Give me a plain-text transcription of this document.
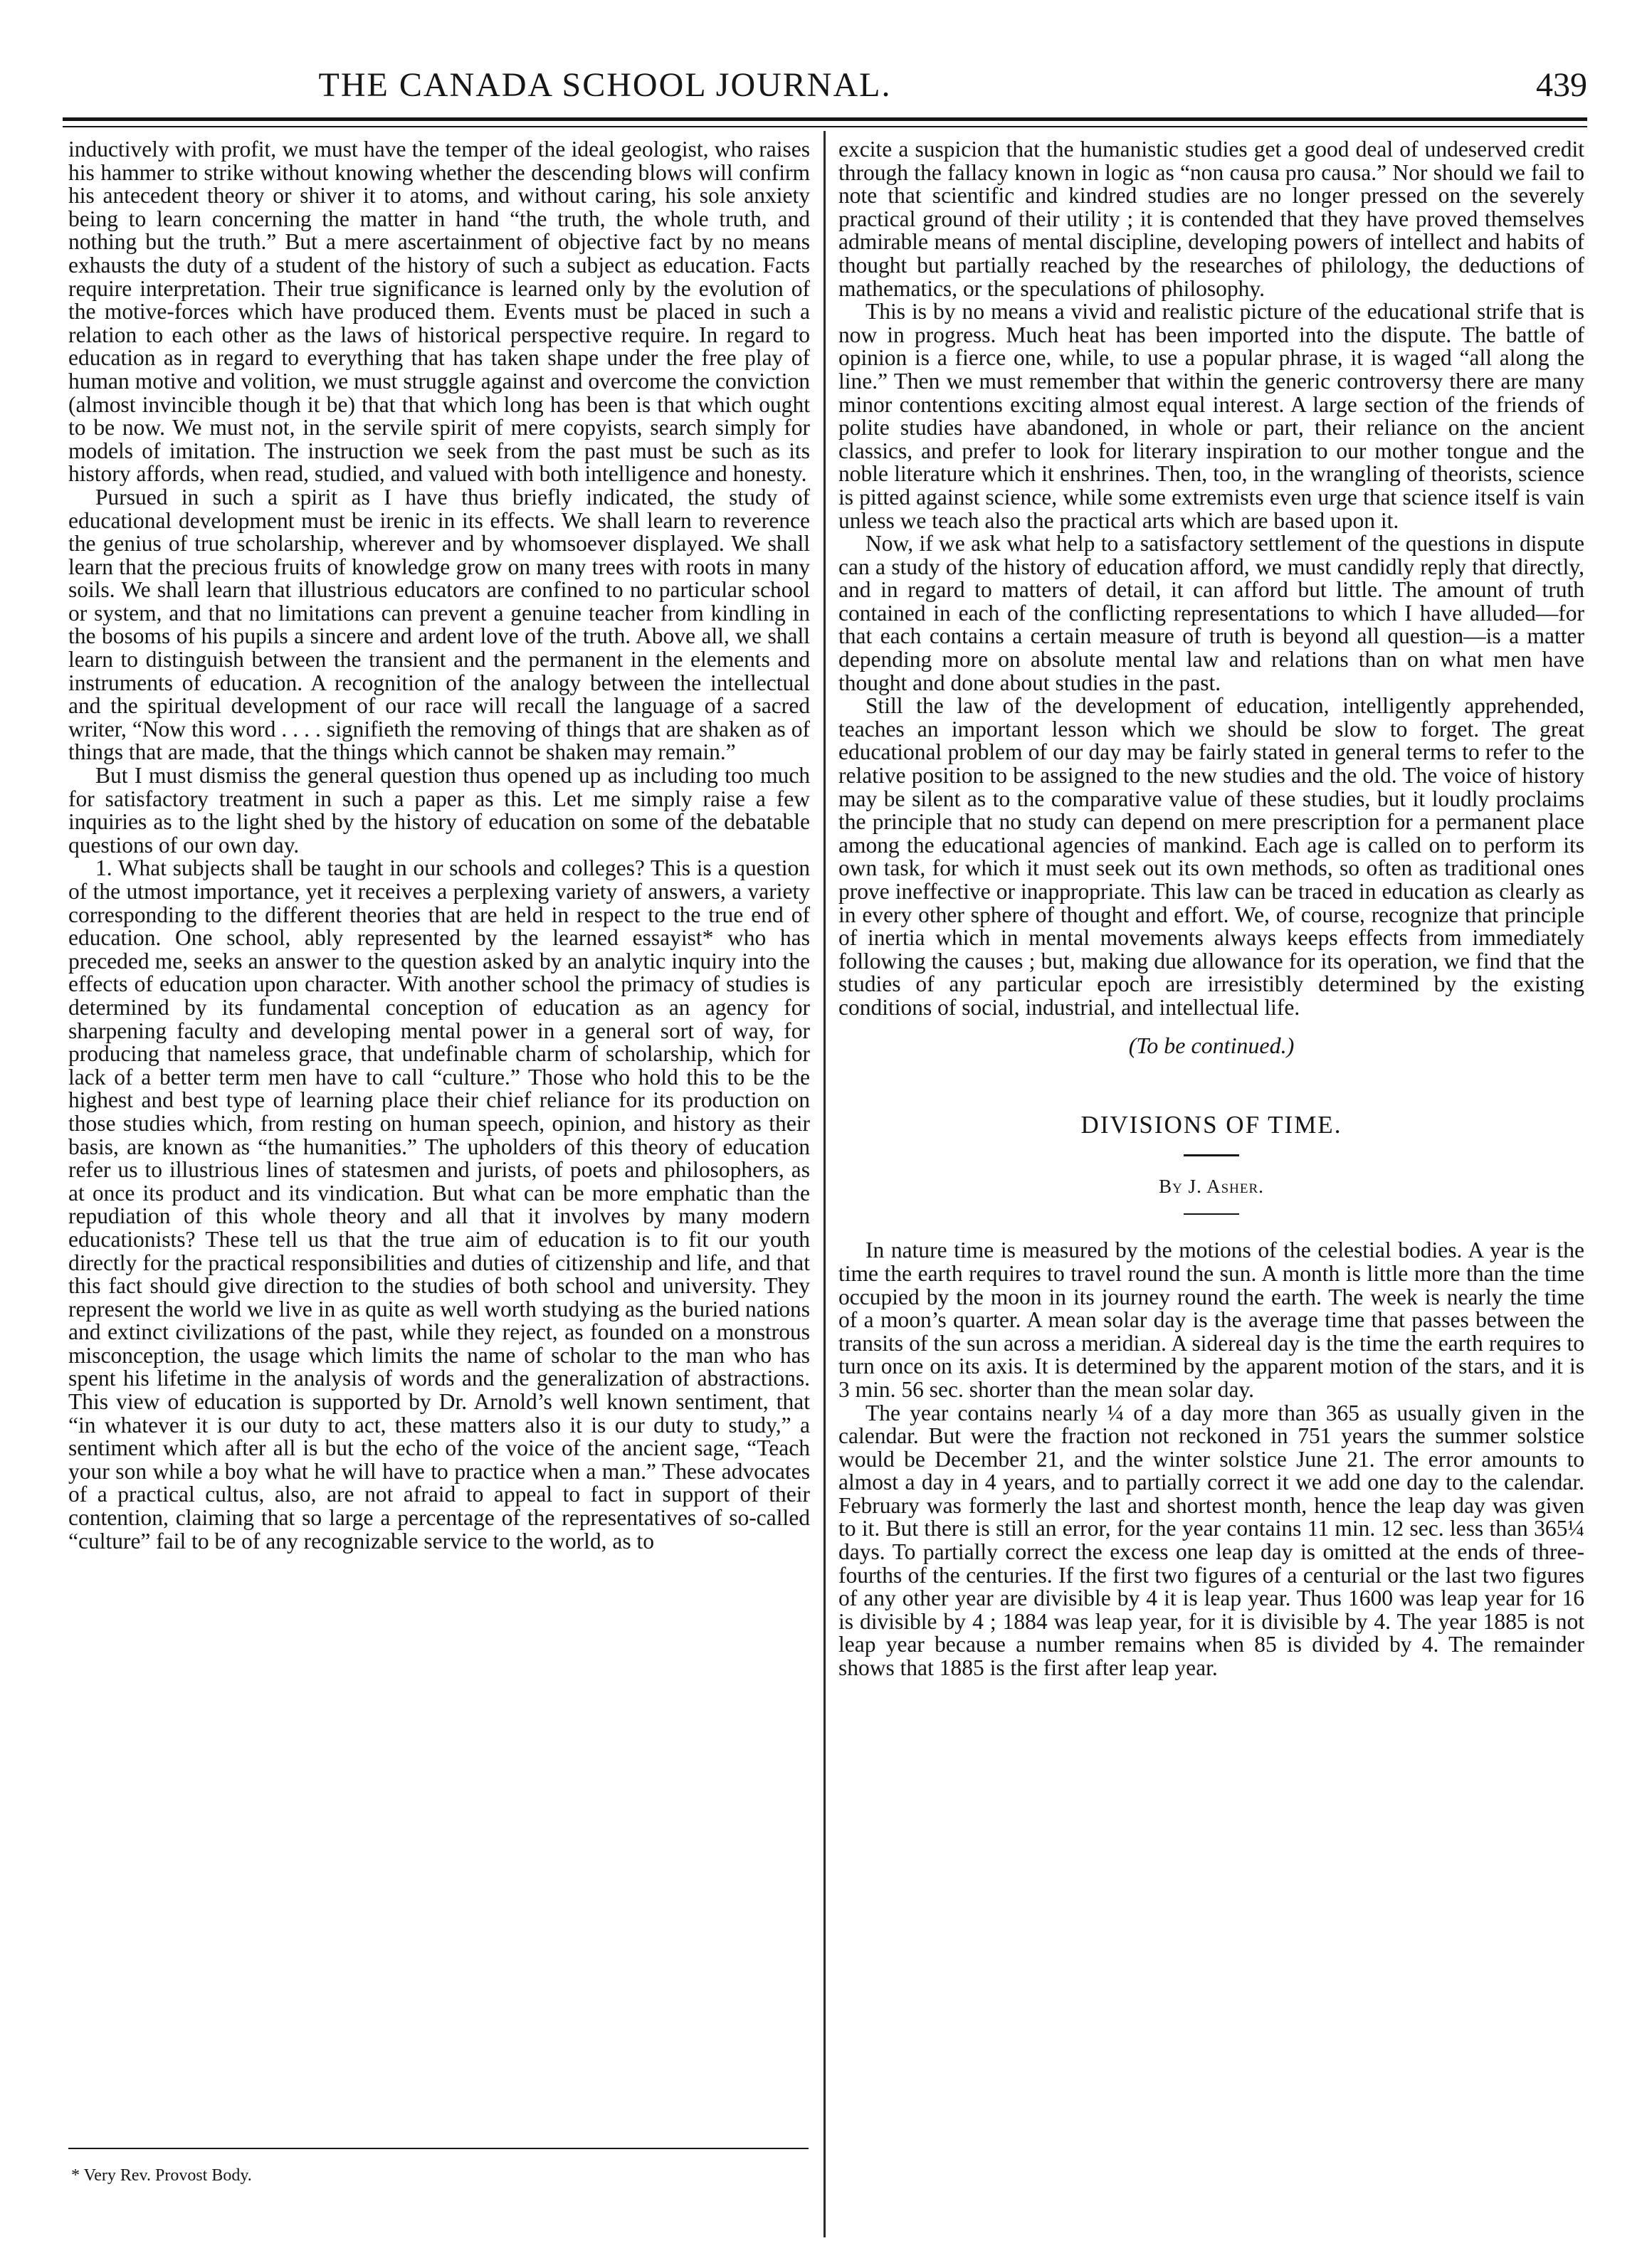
THE CANADA SCHOOL JOURNAL.	439

inductively with profit, we must have the temper of the ideal geologist, who raises his hammer to strike without knowing whether the descending blows will confirm his antecedent theory or shiver it to atoms, and without caring, his sole anxiety being to learn concerning the matter in hand “the truth, the whole truth, and nothing but the truth.” But a mere ascertainment of objective fact by no means exhausts the duty of a student of the history of such a subject as education. Facts require interpretation. Their true significance is learned only by the evolution of the motive-forces which have produced them. Events must be placed in such a relation to each other as the laws of historical perspective require. In regard to education as in regard to everything that has taken shape under the free play of human motive and volition, we must struggle against and overcome the conviction (almost invincible though it be) that that which long has been is that which ought to be now. We must not, in the servile spirit of mere copyists, search simply for models of imitation. The instruction we seek from the past must be such as its history affords, when read, studied, and valued with both intelligence and honesty.

Pursued in such a spirit as I have thus briefly indicated, the study of educational development must be irenic in its effects. We shall learn to reverence the genius of true scholarship, wherever and by whomsoever displayed. We shall learn that the precious fruits of knowledge grow on many trees with roots in many soils. We shall learn that illustrious educators are confined to no particular school or system, and that no limitations can prevent a genuine teacher from kindling in the bosoms of his pupils a sincere and ardent love of the truth. Above all, we shall learn to distinguish between the transient and the permanent in the elements and instruments of education. A recognition of the analogy between the intellectual and the spiritual development of our race will recall the language of a sacred writer, “Now this word . . . . signifieth the removing of things that are shaken as of things that are made, that the things which cannot be shaken may remain.”

But I must dismiss the general question thus opened up as including too much for satisfactory treatment in such a paper as this. Let me simply raise a few inquiries as to the light shed by the history of education on some of the debatable questions of our own day.

1. What subjects shall be taught in our schools and colleges? This is a question of the utmost importance, yet it receives a perplexing variety of answers, a variety corresponding to the different theories that are held in respect to the true end of education. One school, ably represented by the learned essayist* who has preceded me, seeks an answer to the question asked by an analytic inquiry into the effects of education upon character. With another school the primacy of studies is determined by its fundamental conception of education as an agency for sharpening faculty and developing mental power in a general sort of way, for producing that nameless grace, that undefinable charm of scholarship, which for lack of a better term men have to call “culture.” Those who hold this to be the highest and best type of learning place their chief reliance for its production on those studies which, from resting on human speech, opinion, and history as their basis, are known as “the humanities.” The upholders of this theory of education refer us to illustrious lines of statesmen and jurists, of poets and philosophers, as at once its product and its vindication. But what can be more emphatic than the repudiation of this whole theory and all that it involves by many modern educationists? These tell us that the true aim of education is to fit our youth directly for the practical responsibilities and duties of citizenship and life, and that this fact should give direction to the studies of both school and university. They represent the world we live in as quite as well worth studying as the buried nations and extinct civilizations of the past, while they reject, as founded on a monstrous misconception, the usage which limits the name of scholar to the man who has spent his lifetime in the analysis of words and the generalization of abstractions. This view of education is supported by Dr. Arnold’s well known sentiment, that “in whatever it is our duty to act, these matters also it is our duty to study,” a sentiment which after all is but the echo of the voice of the ancient sage, “Teach your son while a boy what he will have to practice when a man.” These advocates of a practical cultus, also, are not afraid to appeal to fact in support of their contention, claiming that so large a percentage of the representatives of so-called “culture” fail to be of any recognizable service to the world, as to

* Very Rev. Provost Body.

excite a suspicion that the humanistic studies get a good deal of undeserved credit through the fallacy known in logic as “non causa pro causa.” Nor should we fail to note that scientific and kindred studies are no longer pressed on the severely practical ground of their utility ; it is contended that they have proved themselves admirable means of mental discipline, developing powers of intellect and habits of thought but partially reached by the researches of philology, the deductions of mathematics, or the speculations of philosophy.

This is by no means a vivid and realistic picture of the educational strife that is now in progress. Much heat has been imported into the dispute. The battle of opinion is a fierce one, while, to use a popular phrase, it is waged “all along the line.” Then we must remember that within the generic controversy there are many minor contentions exciting almost equal interest. A large section of the friends of polite studies have abandoned, in whole or part, their reliance on the ancient classics, and prefer to look for literary inspiration to our mother tongue and the noble literature which it enshrines. Then, too, in the wrangling of theorists, science is pitted against science, while some extremists even urge that science itself is vain unless we teach also the practical arts which are based upon it.

Now, if we ask what help to a satisfactory settlement of the questions in dispute can a study of the history of education afford, we must candidly reply that directly, and in regard to matters of detail, it can afford but little. The amount of truth contained in each of the conflicting representations to which I have alluded—for that each contains a certain measure of truth is beyond all question—is a matter depending more on absolute mental law and relations than on what men have thought and done about studies in the past.

Still the law of the development of education, intelligently apprehended, teaches an important lesson which we should be slow to forget. The great educational problem of our day may be fairly stated in general terms to refer to the relative position to be assigned to the new studies and the old. The voice of history may be silent as to the comparative value of these studies, but it loudly proclaims the principle that no study can depend on mere prescription for a permanent place among the educational agencies of mankind. Each age is called on to perform its own task, for which it must seek out its own methods, so often as traditional ones prove ineffective or inappropriate. This law can be traced in education as clearly as in every other sphere of thought and effort. We, of course, recognize that principle of inertia which in mental movements always keeps effects from immediately following the causes ; but, making due allowance for its operation, we find that the studies of any particular epoch are irresistibly determined by the existing conditions of social, industrial, and intellectual life.

(To be continued.)
DIVISIONS OF TIME.
By J. Asher.

In nature time is measured by the motions of the celestial bodies. A year is the time the earth requires to travel round the sun. A month is little more than the time occupied by the moon in its journey round the earth. The week is nearly the time of a moon’s quarter. A mean solar day is the average time that passes between the transits of the sun across a meridian. A sidereal day is the time the earth requires to turn once on its axis. It is determined by the apparent motion of the stars, and it is 3 min. 56 sec. shorter than the mean solar day.

The year contains nearly ¼ of a day more than 365 as usually given in the calendar. But were the fraction not reckoned in 751 years the summer solstice would be December 21, and the winter solstice June 21. The error amounts to almost a day in 4 years, and to partially correct it we add one day to the calendar. February was formerly the last and shortest month, hence the leap day was given to it. But there is still an error, for the year contains 11 min. 12 sec. less than 365¼ days. To partially correct the excess one leap day is omitted at the ends of three-fourths of the centuries. If the first two figures of a centurial or the last two figures of any other year are divisible by 4 it is leap year. Thus 1600 was leap year for 16 is divisible by 4 ; 1884 was leap year, for it is divisible by 4. The year 1885 is not leap year because a number remains when 85 is divided by 4. The remainder shows that 1885 is the first after leap year.
